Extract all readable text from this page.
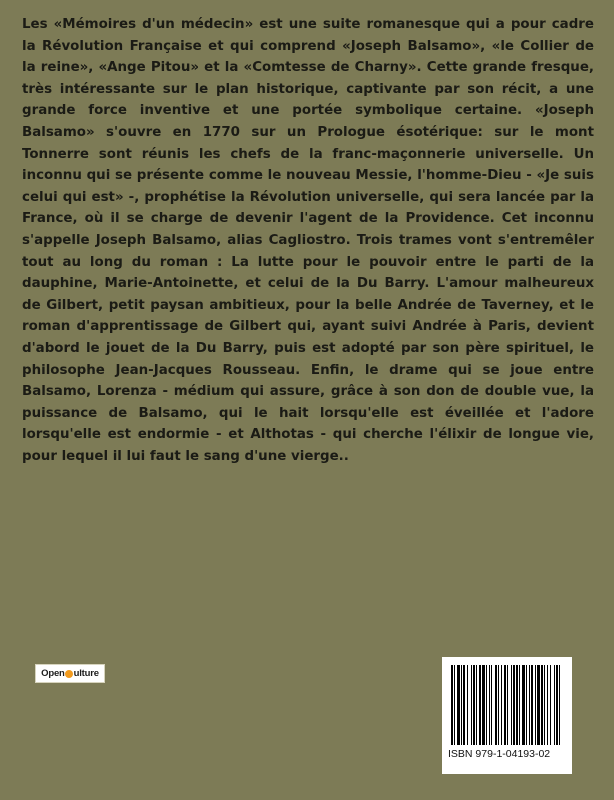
Les «Mémoires d'un médecin» est une suite romanesque qui a pour cadre la Révolution Française et qui comprend «Joseph Balsamo», «le Collier de la reine», «Ange Pitou» et la «Comtesse de Charny». Cette grande fresque, très intéressante sur le plan historique, captivante par son récit, a une grande force inventive et une portée symbolique certaine. «Joseph Balsamo» s'ouvre en 1770 sur un Prologue ésotérique: sur le mont Tonnerre sont réunis les chefs de la franc-maçonnerie universelle. Un inconnu qui se présente comme le nouveau Messie, l'homme-Dieu - «Je suis celui qui est» -, prophétise la Révolution universelle, qui sera lancée par la France, où il se charge de devenir l'agent de la Providence. Cet inconnu s'appelle Joseph Balsamo, alias Cagliostro. Trois trames vont s'entremêler tout au long du roman : La lutte pour le pouvoir entre le parti de la dauphine, Marie-Antoinette, et celui de la Du Barry. L'amour malheureux de Gilbert, petit paysan ambitieux, pour la belle Andrée de Taverney, et le roman d'apprentissage de Gilbert qui, ayant suivi Andrée à Paris, devient d'abord le jouet de la Du Barry, puis est adopté par son père spirituel, le philosophe Jean-Jacques Rousseau. Enfin, le drame qui se joue entre Balsamo, Lorenza - médium qui assure, grâce à son don de double vue, la puissance de Balsamo, qui le hait lorsqu'elle est éveillée et l'adore lorsqu'elle est endormie - et Althotas - qui cherche l'élixir de longue vie, pour lequel il lui faut le sang d'une vierge..

Open ulture
ISBN 979-1-04193-02
